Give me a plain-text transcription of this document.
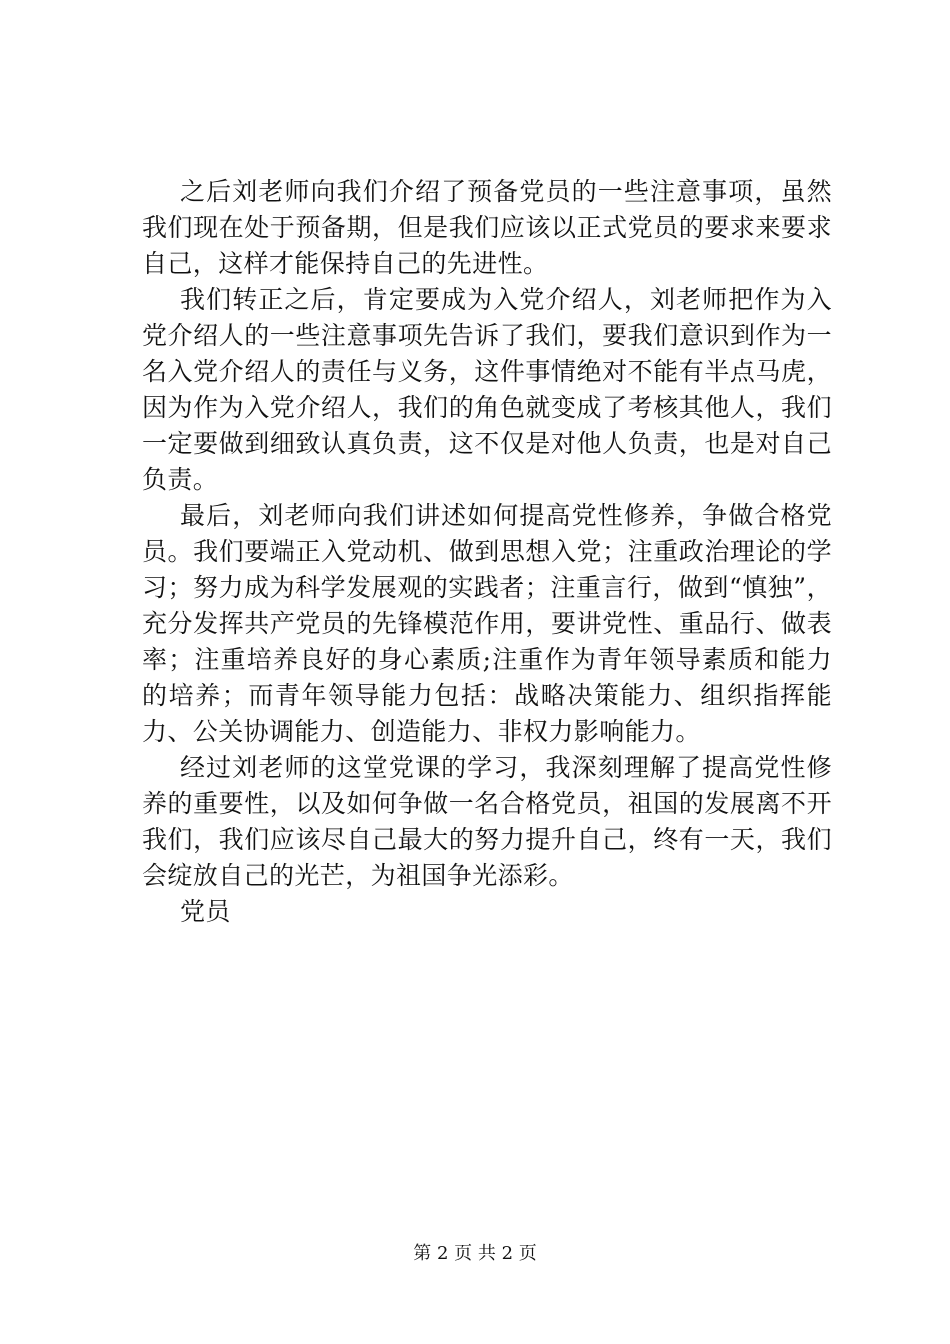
之后刘老师向我们介绍了预备党员的一些注意事项，虽然我们现在处于预备期，但是我们应该以正式党员的要求来要求自己，这样才能保持自己的先进性。

我们转正之后，肯定要成为入党介绍人，刘老师把作为入党介绍人的一些注意事项先告诉了我们，要我们意识到作为一名入党介绍人的责任与义务，这件事情绝对不能有半点马虎，因为作为入党介绍人，我们的角色就变成了考核其他人，我们一定要做到细致认真负责，这不仅是对他人负责，也是对自己负责。

最后，刘老师向我们讲述如何提高党性修养，争做合格党员。我们要端正入党动机、做到思想入党；注重政治理论的学习；努力成为科学发展观的实践者；注重言行，做到“慎独”，充分发挥共产党员的先锋模范作用，要讲党性、重品行、做表率；注重培养良好的身心素质;注重作为青年领导素质和能力的培养；而青年领导能力包括：战略决策能力、组织指挥能力、公关协调能力、创造能力、非权力影响能力。

经过刘老师的这堂党课的学习，我深刻理解了提高党性修养的重要性，以及如何争做一名合格党员，祖国的发展离不开我们，我们应该尽自己最大的努力提升自己，终有一天，我们会绽放自己的光芒，为祖国争光添彩。

党员

第 2 页 共 2 页
